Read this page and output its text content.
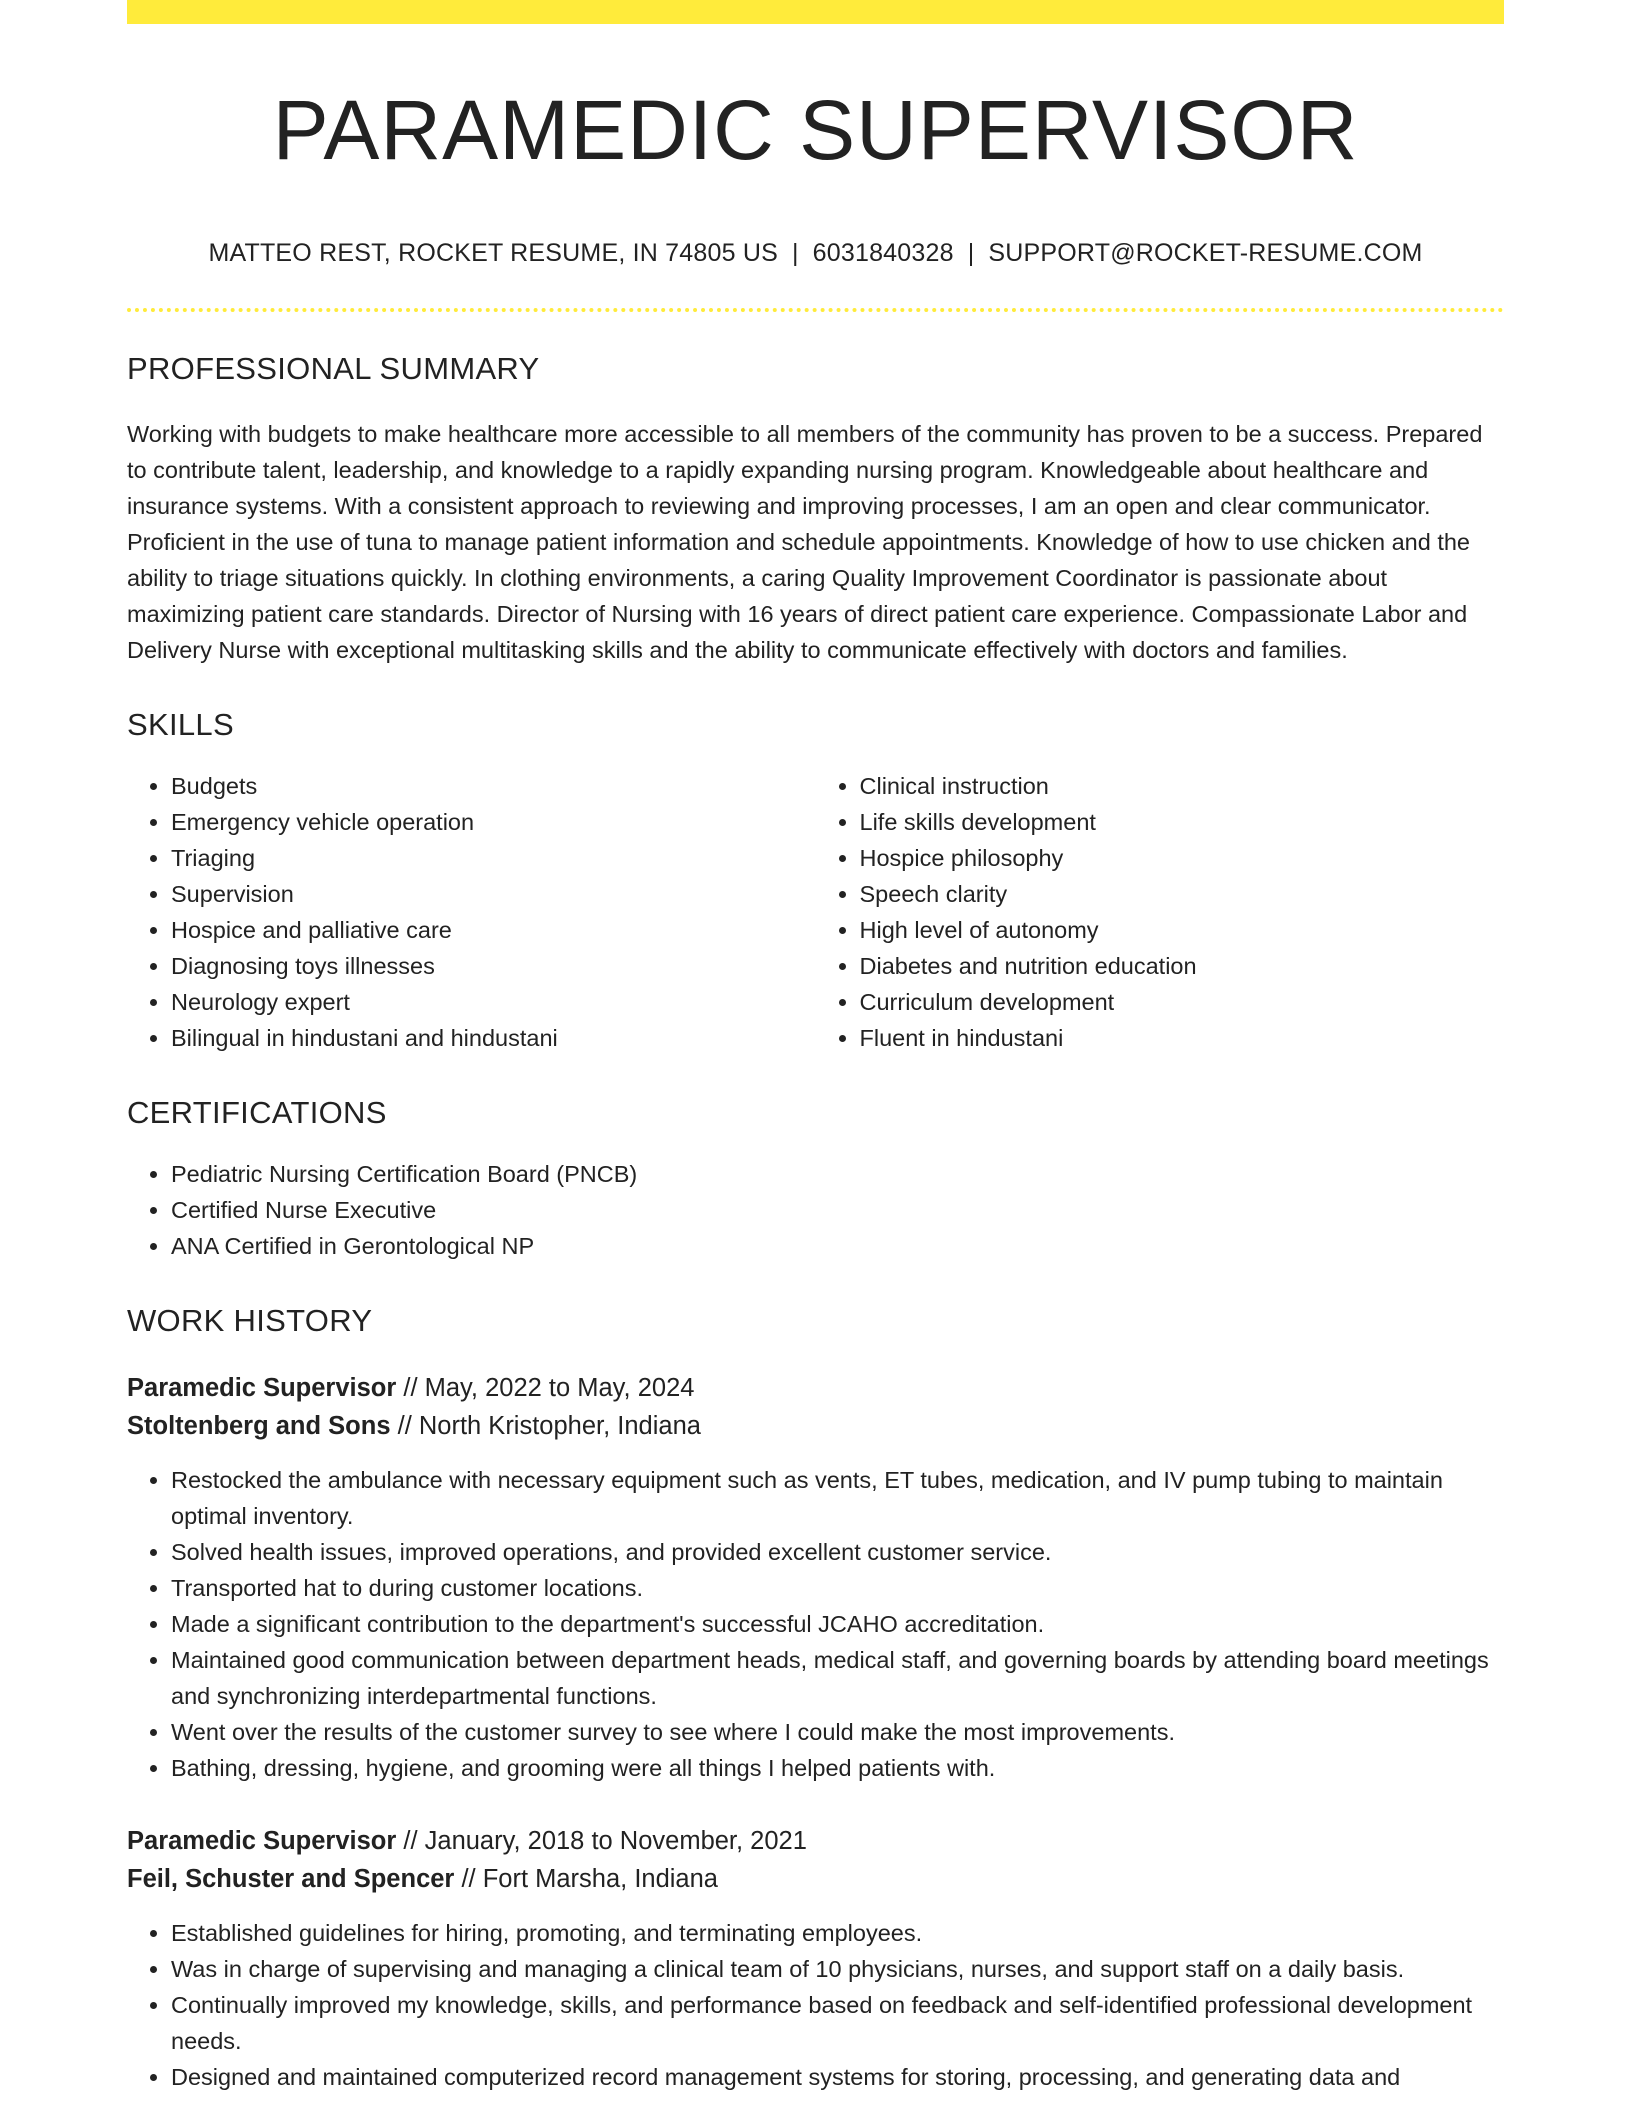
PARAMEDIC SUPERVISOR
MATTEO REST, ROCKET RESUME, IN 74805 US | 6031840328 | SUPPORT@ROCKET-RESUME.COM
PROFESSIONAL SUMMARY
Working with budgets to make healthcare more accessible to all members of the community has proven to be a success. Prepared to contribute talent, leadership, and knowledge to a rapidly expanding nursing program. Knowledgeable about healthcare and insurance systems. With a consistent approach to reviewing and improving processes, I am an open and clear communicator. Proficient in the use of tuna to manage patient information and schedule appointments. Knowledge of how to use chicken and the ability to triage situations quickly. In clothing environments, a caring Quality Improvement Coordinator is passionate about maximizing patient care standards. Director of Nursing with 16 years of direct patient care experience. Compassionate Labor and Delivery Nurse with exceptional multitasking skills and the ability to communicate effectively with doctors and families.
SKILLS
• Budgets
• Emergency vehicle operation
• Triaging
• Supervision
• Hospice and palliative care
• Diagnosing toys illnesses
• Neurology expert
• Bilingual in hindustani and hindustani
• Clinical instruction
• Life skills development
• Hospice philosophy
• Speech clarity
• High level of autonomy
• Diabetes and nutrition education
• Curriculum development
• Fluent in hindustani
CERTIFICATIONS
• Pediatric Nursing Certification Board (PNCB)
• Certified Nurse Executive
• ANA Certified in Gerontological NP
WORK HISTORY
Paramedic Supervisor // May, 2022 to May, 2024
Stoltenberg and Sons // North Kristopher, Indiana
• Restocked the ambulance with necessary equipment such as vents, ET tubes, medication, and IV pump tubing to maintain optimal inventory.
• Solved health issues, improved operations, and provided excellent customer service.
• Transported hat to during customer locations.
• Made a significant contribution to the department's successful JCAHO accreditation.
• Maintained good communication between department heads, medical staff, and governing boards by attending board meetings and synchronizing interdepartmental functions.
• Went over the results of the customer survey to see where I could make the most improvements.
• Bathing, dressing, hygiene, and grooming were all things I helped patients with.
Paramedic Supervisor // January, 2018 to November, 2021
Feil, Schuster and Spencer // Fort Marsha, Indiana
• Established guidelines for hiring, promoting, and terminating employees.
• Was in charge of supervising and managing a clinical team of 10 physicians, nurses, and support staff on a daily basis.
• Continually improved my knowledge, skills, and performance based on feedback and self-identified professional development needs.
• Designed and maintained computerized record management systems for storing, processing, and generating data and
